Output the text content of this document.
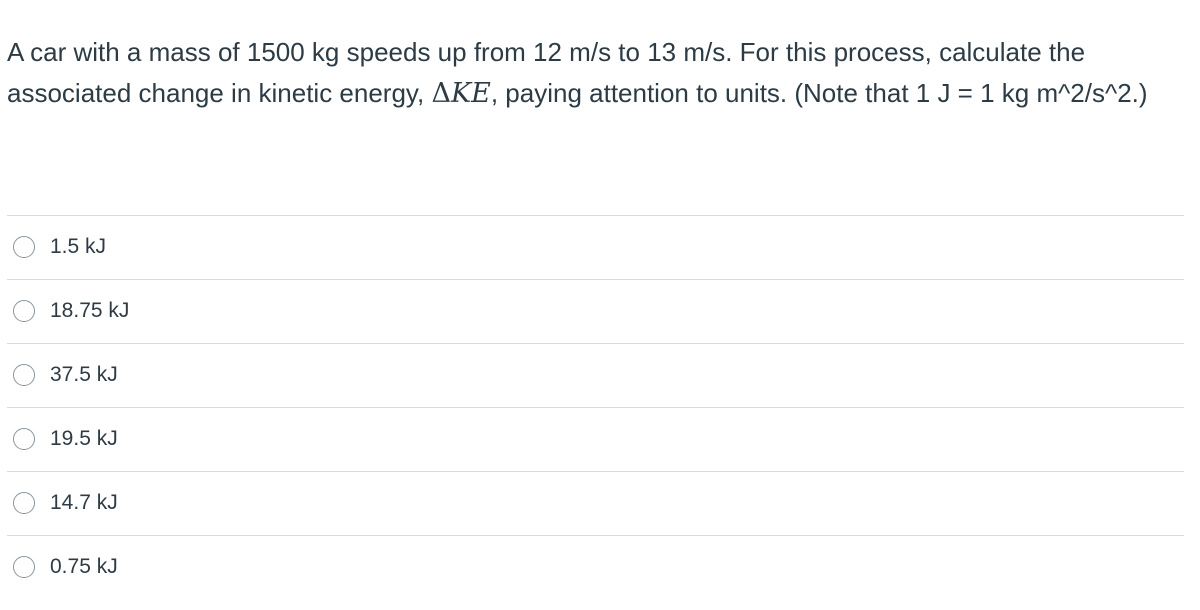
A car with a mass of 1500 kg speeds up from 12 m/s to 13 m/s. For this process, calculate the associated change in kinetic energy, ΔKE, paying attention to units. (Note that 1 J = 1 kg m^2/s^2.)
1.5 kJ
18.75 kJ
37.5 kJ
19.5 kJ
14.7 kJ
0.75 kJ
